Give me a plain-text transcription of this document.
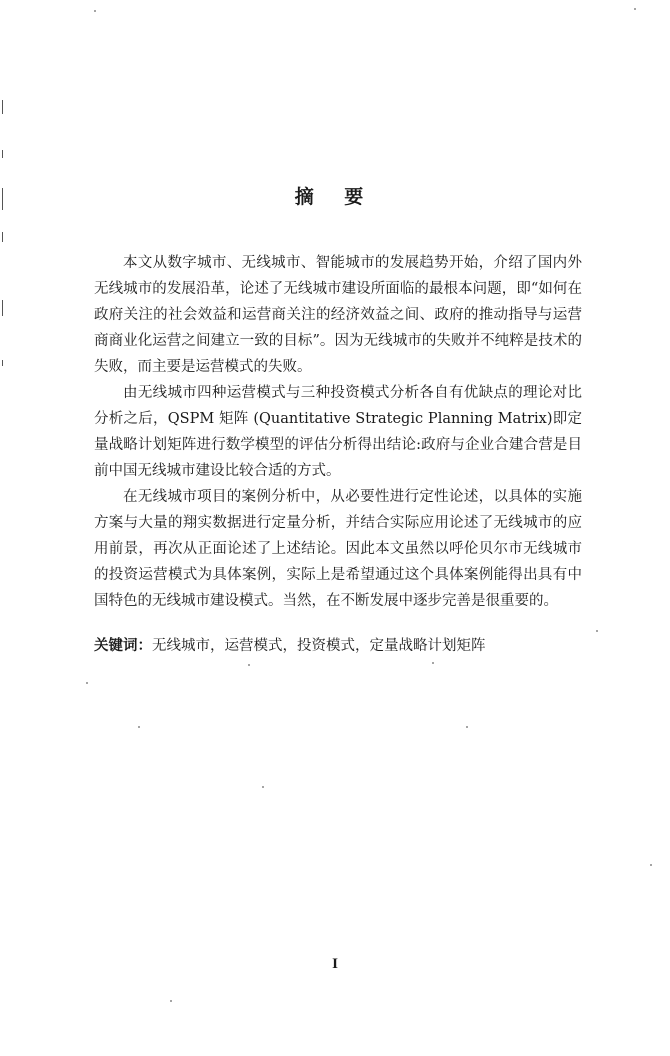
摘 要

本文从数字城市、无线城市、智能城市的发展趋势开始，介绍了国内外无线城市的发展沿革，论述了无线城市建设所面临的最根本问题，即“如何在政府关注的社会效益和运营商关注的经济效益之间、政府的推动指导与运营商商业化运营之间建立一致的目标”。因为无线城市的失败并不纯粹是技术的失败，而主要是运营模式的失败。

由无线城市四种运营模式与三种投资模式分析各自有优缺点的理论对比分析之后，QSPM 矩阵 (Quantitative Strategic Planning Matrix)即定量战略计划矩阵进行数学模型的评估分析得出结论:政府与企业合建合营是目前中国无线城市建设比较合适的方式。

在无线城市项目的案例分析中，从必要性进行定性论述，以具体的实施方案与大量的翔实数据进行定量分析，并结合实际应用论述了无线城市的应用前景，再次从正面论述了上述结论。因此本文虽然以呼伦贝尔市无线城市的投资运营模式为具体案例，实际上是希望通过这个具体案例能得出具有中国特色的无线城市建设模式。当然，在不断发展中逐步完善是很重要的。

关键词：无线城市，运营模式，投资模式，定量战略计划矩阵
I
